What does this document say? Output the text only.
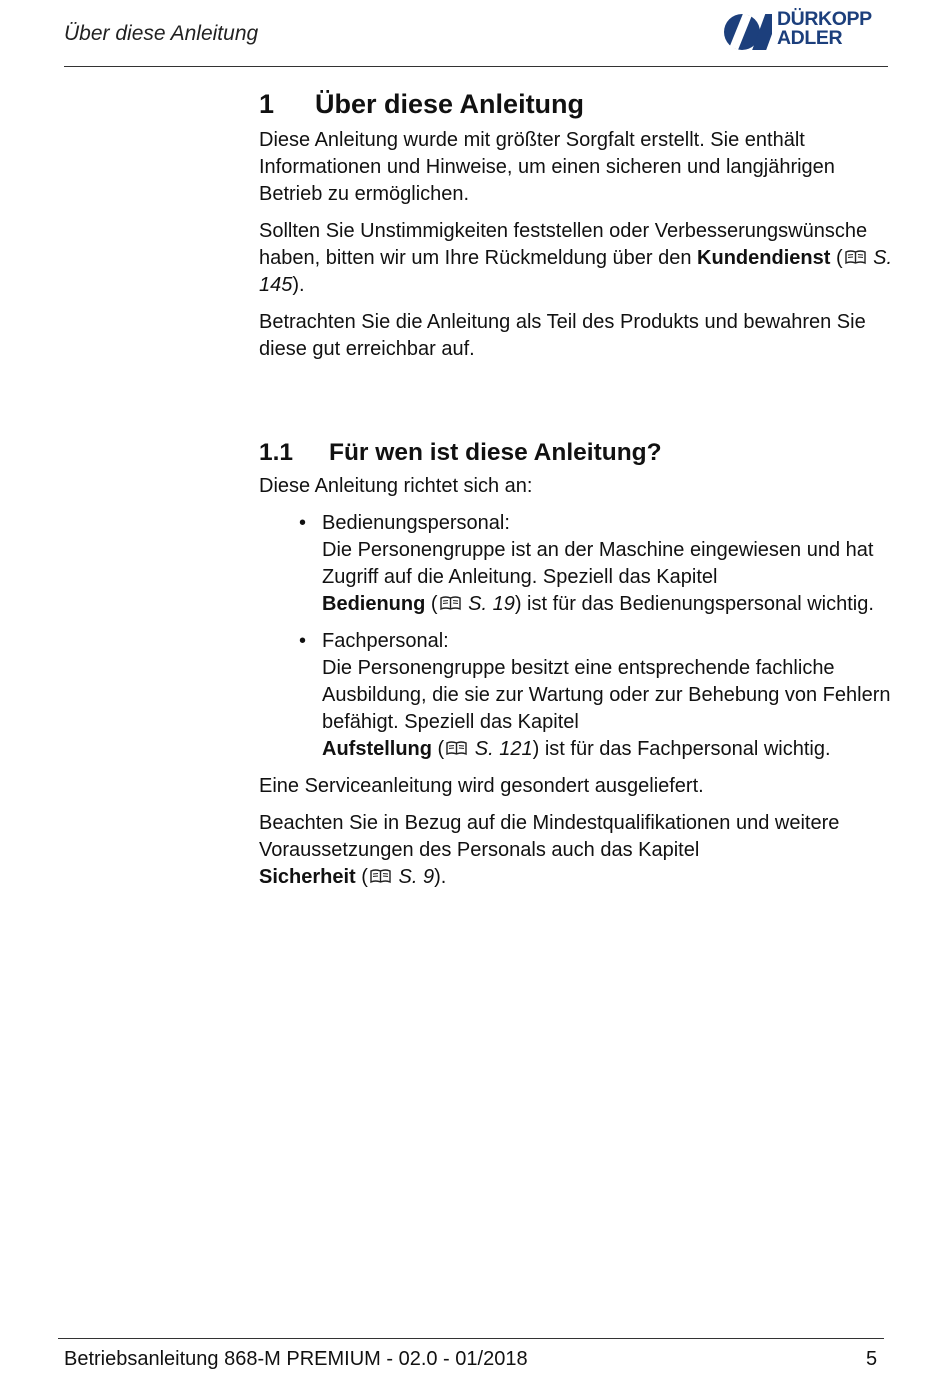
Über diese Anleitung
DÜRKOPP
ADLER
1 Über diese Anleitung

Diese Anleitung wurde mit größter Sorgfalt erstellt. Sie enthält Informationen und Hinweise, um einen sicheren und langjährigen Betrieb zu ermöglichen.

Sollten Sie Unstimmigkeiten feststellen oder Verbesserungswünsche haben, bitten wir um Ihre Rückmeldung über den Kundendienst ( S. 145).

Betrachten Sie die Anleitung als Teil des Produkts und bewahren Sie diese gut erreichbar auf.

1.1 Für wen ist diese Anleitung?

Diese Anleitung richtet sich an:

• Bedienungspersonal:
Die Personengruppe ist an der Maschine eingewiesen und hat Zugriff auf die Anleitung. Speziell das Kapitel
Bedienung ( S. 19) ist für das Bedienungspersonal wichtig.
• Fachpersonal:
Die Personengruppe besitzt eine entsprechende fachliche Ausbildung, die sie zur Wartung oder zur Behebung von Fehlern befähigt. Speziell das Kapitel
Aufstellung ( S. 121) ist für das Fachpersonal wichtig.

Eine Serviceanleitung wird gesondert ausgeliefert.

Beachten Sie in Bezug auf die Mindestqualifikationen und weitere Voraussetzungen des Personals auch das Kapitel
Sicherheit ( S. 9).

Betriebsanleitung 868-M PREMIUM - 02.0 - 01/2018	5
